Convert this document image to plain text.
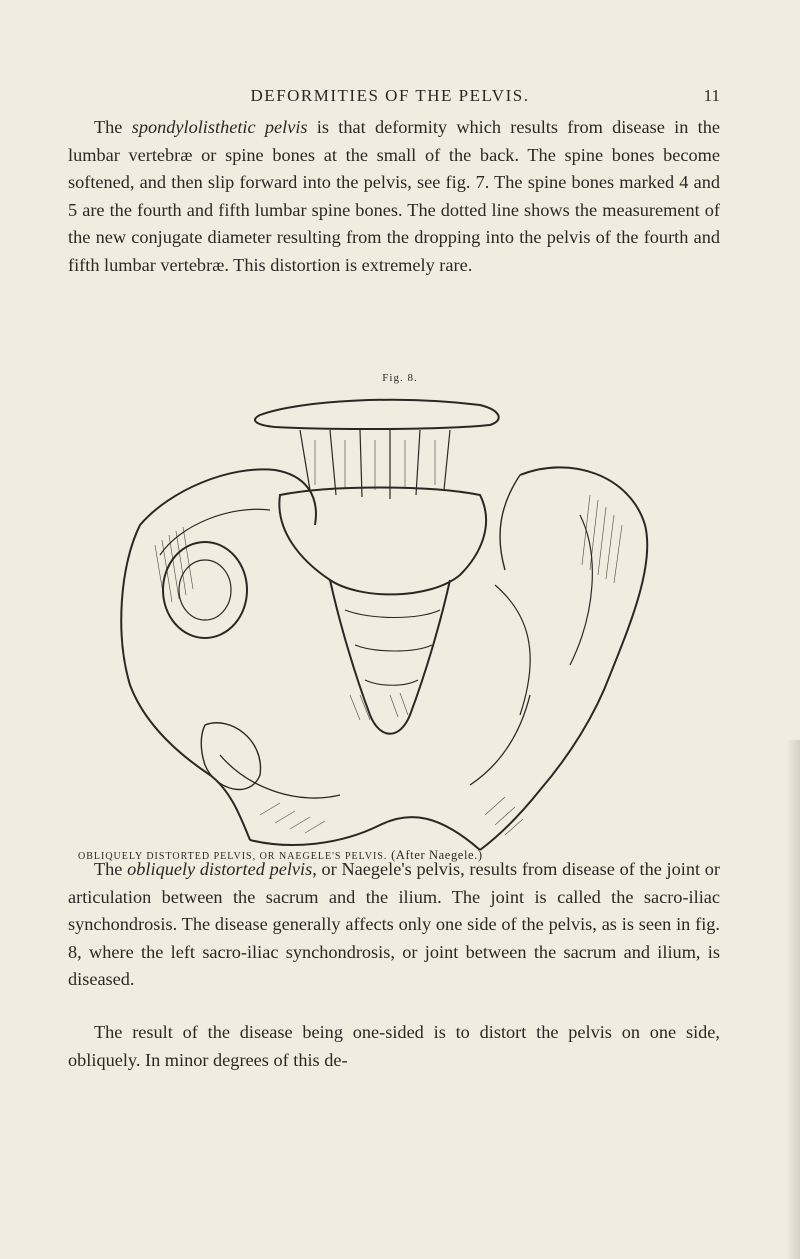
DEFORMITIES OF THE PELVIS.	11

The spondylolisthetic pelvis is that deformity which results from disease in the lumbar vertebræ or spine bones at the small of the back. The spine bones become softened, and then slip forward into the pelvis, see fig. 7. The spine bones marked 4 and 5 are the fourth and fifth lumbar spine bones. The dotted line shows the measurement of the new conjugate diameter resulting from the dropping into the pelvis of the fourth and fifth lumbar vertebræ. This distortion is extremely rare.

Fig. 8.
OBLIQUELY DISTORTED PELVIS, OR NAEGELE'S PELVIS. (After Naegele.)

The obliquely distorted pelvis, or Naegele's pelvis, results from disease of the joint or articulation between the sacrum and the ilium. The joint is called the sacro-iliac synchondrosis. The disease generally affects only one side of the pelvis, as is seen in fig. 8, where the left sacro-iliac synchondrosis, or joint between the sacrum and ilium, is diseased.

The result of the disease being one-sided is to distort the pelvis on one side, obliquely. In minor degrees of this de-
